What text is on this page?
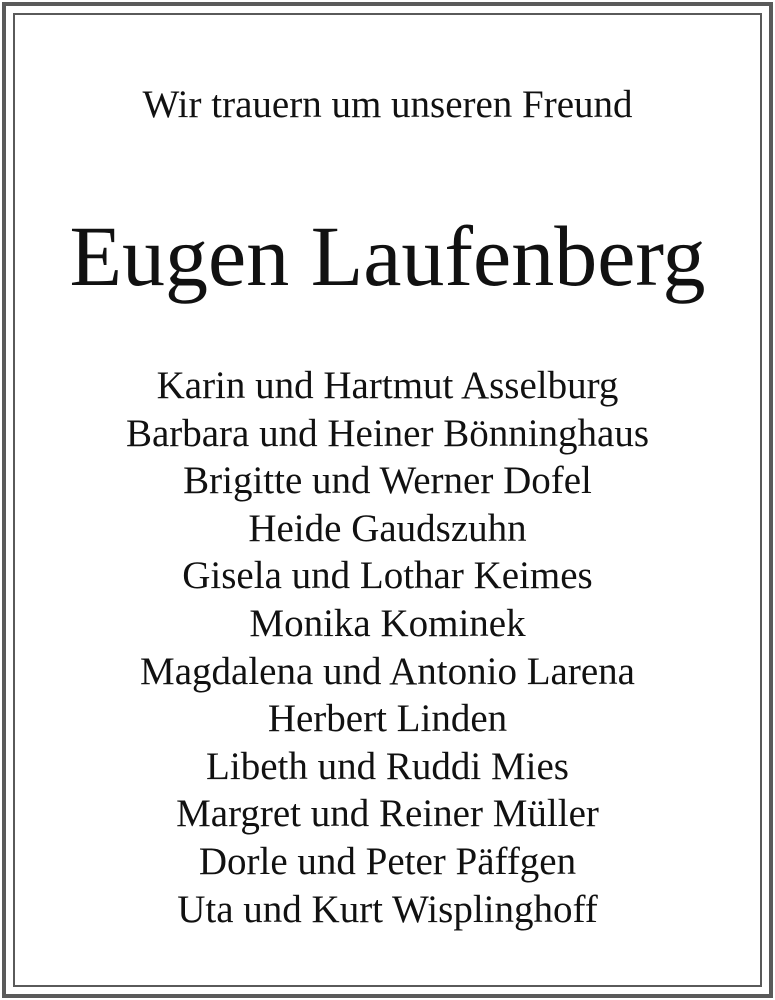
Wir trauern um unseren Freund

Eugen Laufenberg
Karin und Hartmut Asselburg
Barbara und Heiner Bönninghaus
Brigitte und Werner Dofel
Heide Gaudszuhn
Gisela und Lothar Keimes
Monika Kominek
Magdalena und Antonio Larena
Herbert Linden
Libeth und Ruddi Mies
Margret und Reiner Müller
Dorle und Peter Päffgen
Uta und Kurt Wisplinghoff
